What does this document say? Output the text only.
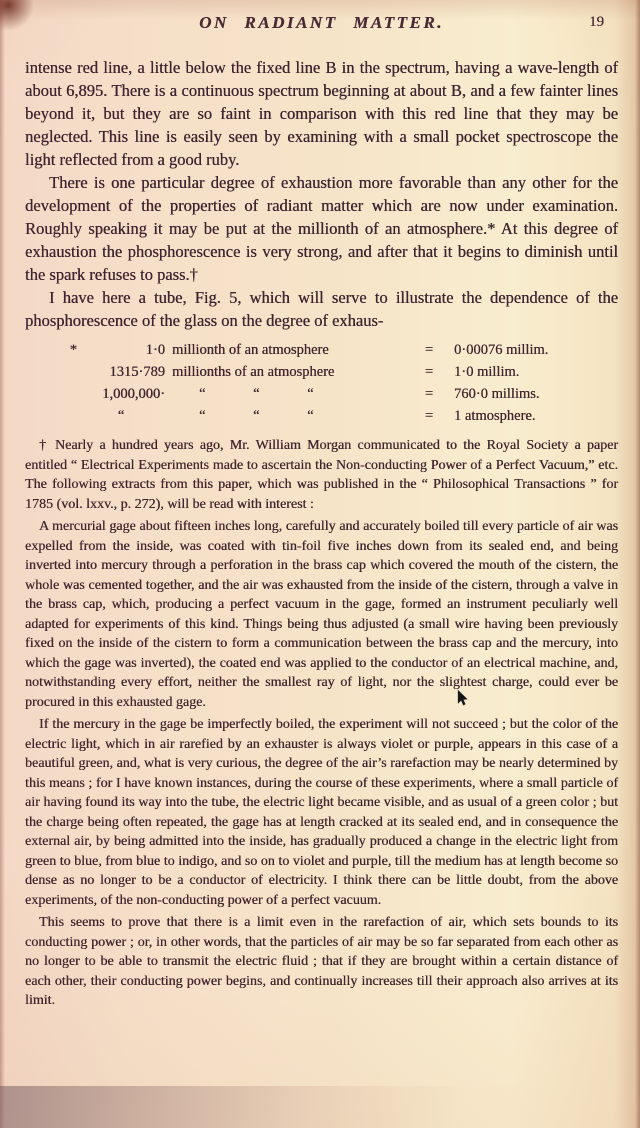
ON RADIANT MATTER.	19

intense red line, a little below the fixed line B in the spectrum, having a wave-length of about 6,895. There is a continuous spectrum beginning at about B, and a few fainter lines beyond it, but they are so faint in comparison with this red line that they may be neglected. This line is easily seen by examining with a small pocket spectroscope the light reflected from a good ruby.

There is one particular degree of exhaustion more favorable than any other for the development of the properties of radiant matter which are now under examination. Roughly speaking it may be put at the millionth of an atmosphere.* At this degree of exhaustion the phosphorescence is very strong, and after that it begins to diminish until the spark refuses to pass.†

I have here a tube, Fig. 5, which will serve to illustrate the dependence of the phosphorescence of the glass on the degree of exhaus-

*	1·0 millionth of an atmosphere	=	0·00076 millim.
1315·789 millionths of an atmosphere	=	1·0 millim.
1,000,000·	“ “ “	=	760·0 millims.
“	“ “ “	=	1 atmosphere.

† Nearly a hundred years ago, Mr. William Morgan communicated to the Royal Society a paper entitled “ Electrical Experiments made to ascertain the Non-conducting Power of a Perfect Vacuum,” etc. The following extracts from this paper, which was published in the “ Philosophical Transactions ” for 1785 (vol. lxxv., p. 272), will be read with interest :

A mercurial gage about fifteen inches long, carefully and accurately boiled till every particle of air was expelled from the inside, was coated with tin-foil five inches down from its sealed end, and being inverted into mercury through a perforation in the brass cap which covered the mouth of the cistern, the whole was cemented together, and the air was exhausted from the inside of the cistern, through a valve in the brass cap, which, producing a perfect vacuum in the gage, formed an instrument peculiarly well adapted for experiments of this kind. Things being thus adjusted (a small wire having been previously fixed on the inside of the cistern to form a communication between the brass cap and the mercury, into which the gage was inverted), the coated end was applied to the conductor of an electrical machine, and, notwithstanding every effort, neither the smallest ray of light, nor the slightest charge, could ever be procured in this exhausted gage.

If the mercury in the gage be imperfectly boiled, the experiment will not succeed ; but the color of the electric light, which in air rarefied by an exhauster is always violet or purple, appears in this case of a beautiful green, and, what is very curious, the degree of the air’s rarefaction may be nearly determined by this means ; for I have known instances, during the course of these experiments, where a small particle of air having found its way into the tube, the electric light became visible, and as usual of a green color ; but the charge being often repeated, the gage has at length cracked at its sealed end, and in consequence the external air, by being admitted into the inside, has gradually produced a change in the electric light from green to blue, from blue to indigo, and so on to violet and purple, till the medium has at length become so dense as no longer to be a conductor of electricity. I think there can be little doubt, from the above experiments, of the non-conducting power of a perfect vacuum.

This seems to prove that there is a limit even in the rarefaction of air, which sets bounds to its conducting power ; or, in other words, that the particles of air may be so far separated from each other as no longer to be able to transmit the electric fluid ; that if they are brought within a certain distance of each other, their conducting power begins, and continually increases till their approach also arrives at its limit.
